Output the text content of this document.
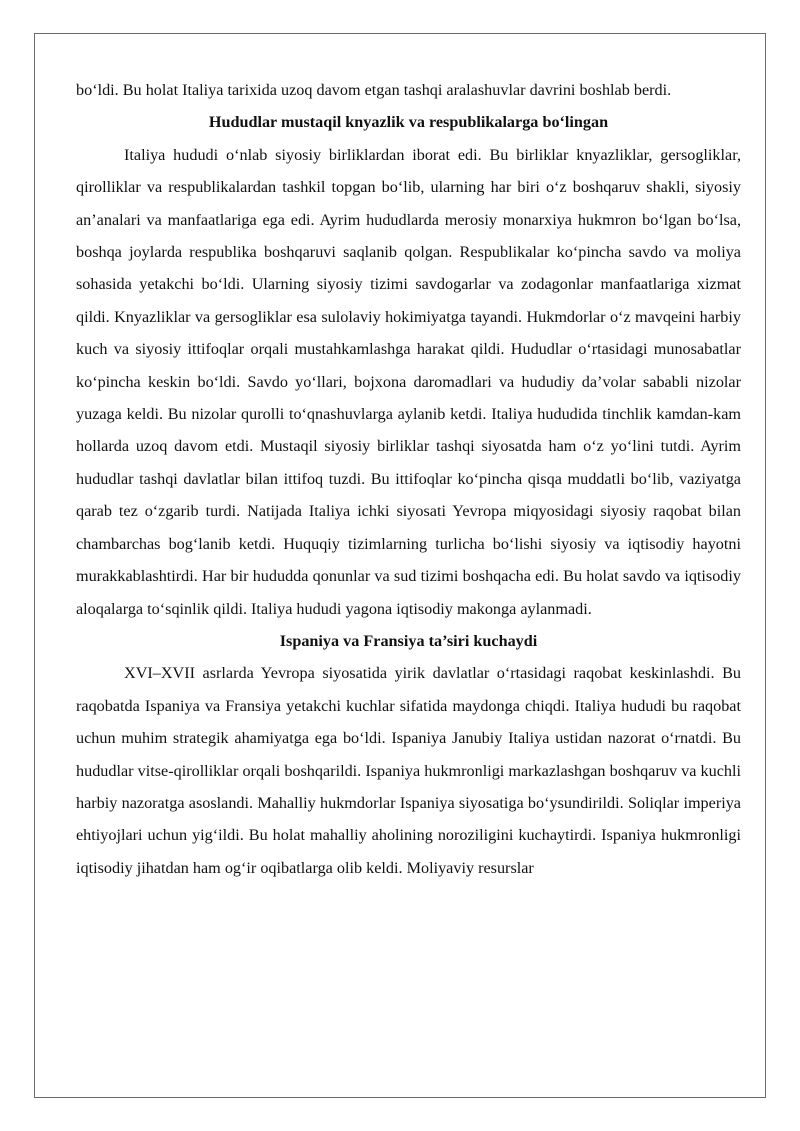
bo‘ldi. Bu holat Italiya tarixida uzoq davom etgan tashqi aralashuvlar davrini boshlab berdi.

Hududlar mustaqil knyazlik va respublikalarga bo‘lingan

Italiya hududi o‘nlab siyosiy birliklardan iborat edi. Bu birliklar knyazliklar, gersogliklar, qirolliklar va respublikalardan tashkil topgan bo‘lib, ularning har biri o‘z boshqaruv shakli, siyosiy an’analari va manfaatlariga ega edi. Ayrim hududlarda merosiy monarxiya hukmron bo‘lgan bo‘lsa, boshqa joylarda respublika boshqaruvi saqlanib qolgan. Respublikalar ko‘pincha savdo va moliya sohasida yetakchi bo‘ldi. Ularning siyosiy tizimi savdogarlar va zodagonlar manfaatlariga xizmat qildi. Knyazliklar va gersogliklar esa sulolaviy hokimiyatga tayandi. Hukmdorlar o‘z mavqeini harbiy kuch va siyosiy ittifoqlar orqali mustahkamlashga harakat qildi. Hududlar o‘rtasidagi munosabatlar ko‘pincha keskin bo‘ldi. Savdo yo‘llari, bojxona daromadlari va hududiy da’volar sababli nizolar yuzaga keldi. Bu nizolar qurolli to‘qnashuvlarga aylanib ketdi. Italiya hududida tinchlik kamdan-kam hollarda uzoq davom etdi. Mustaqil siyosiy birliklar tashqi siyosatda ham o‘z yo‘lini tutdi. Ayrim hududlar tashqi davlatlar bilan ittifoq tuzdi. Bu ittifoqlar ko‘pincha qisqa muddatli bo‘lib, vaziyatga qarab tez o‘zgarib turdi. Natijada Italiya ichki siyosati Yevropa miqyosidagi siyosiy raqobat bilan chambarchas bog‘lanib ketdi. Huquqiy tizimlarning turlicha bo‘lishi siyosiy va iqtisodiy hayotni murakkablashtirdi. Har bir hududda qonunlar va sud tizimi boshqacha edi. Bu holat savdo va iqtisodiy aloqalarga to‘sqinlik qildi. Italiya hududi yagona iqtisodiy makonga aylanmadi.

Ispaniya va Fransiya ta’siri kuchaydi

XVI–XVII asrlarda Yevropa siyosatida yirik davlatlar o‘rtasidagi raqobat keskinlashdi. Bu raqobatda Ispaniya va Fransiya yetakchi kuchlar sifatida maydonga chiqdi. Italiya hududi bu raqobat uchun muhim strategik ahamiyatga ega bo‘ldi. Ispaniya Janubiy Italiya ustidan nazorat o‘rnatdi. Bu hududlar vitse-qirolliklar orqali boshqarildi. Ispaniya hukmronligi markazlashgan boshqaruv va kuchli harbiy nazoratga asoslandi. Mahalliy hukmdorlar Ispaniya siyosatiga bo‘ysundirildi. Soliqlar imperiya ehtiyojlari uchun yig‘ildi. Bu holat mahalliy aholining noroziligini kuchaytirdi. Ispaniya hukmronligi iqtisodiy jihatdan ham og‘ir oqibatlarga olib keldi. Moliyaviy resurslar
